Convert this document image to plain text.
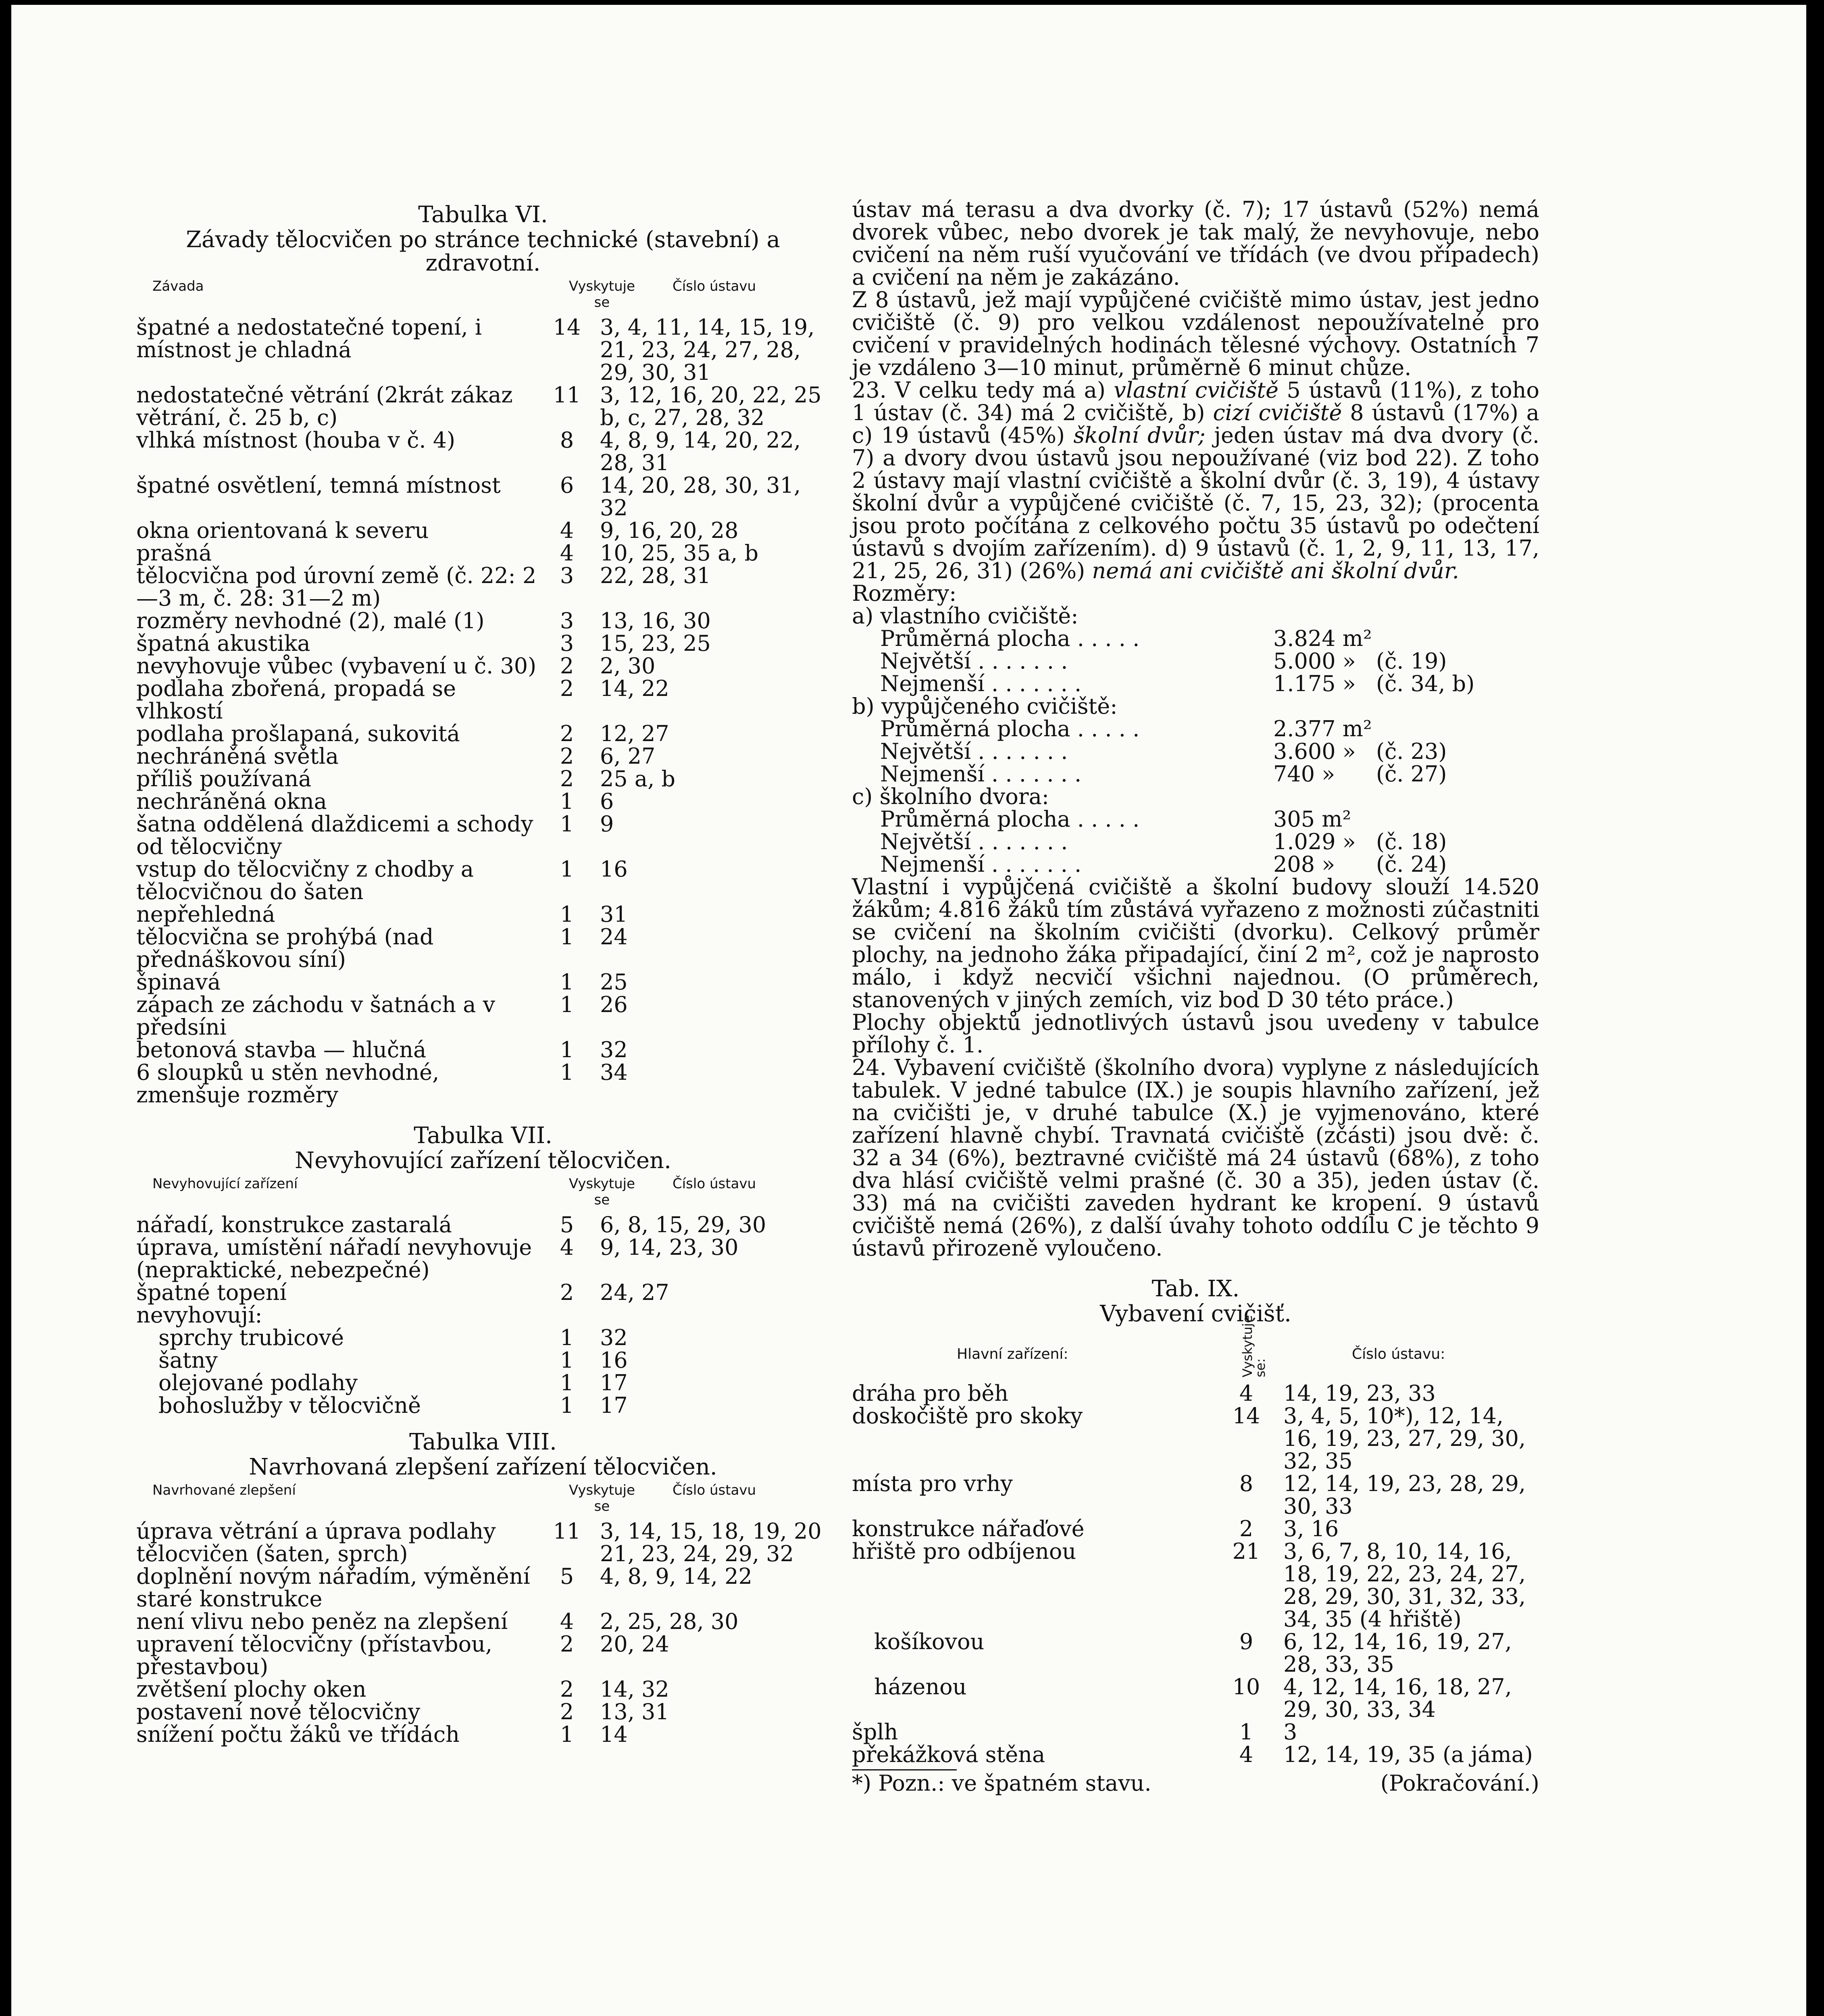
Tabulka VI.
Závady tělocvičen po stránce technické (stavební) a zdravotní.
Závada	Vyskytuje se
Číslo ústavu
špatné a nedostatečné topení, i místnost je chladná	14	3, 4, 11, 14, 15, 19, 21, 23, 24, 27, 28, 29, 30, 31
nedostatečné větrání (2krát zákaz větrání, č. 25 b, c)	11	3, 12, 16, 20, 22, 25 b, c, 27, 28, 32
vlhká místnost (houba v č. 4)	8	4, 8, 9, 14, 20, 22, 28, 31
špatné osvětlení, temná místnost	6	14, 20, 28, 30, 31, 32
okna orientovaná k severu	4	9, 16, 20, 28
prašná	4	10, 25, 35 a, b
tělocvična pod úrovní země (č. 22: 2—3 m, č. 28: 31—2 m)	3	22, 28, 31
rozměry nevhodné (2), malé (1)	3	13, 16, 30
špatná akustika	3	15, 23, 25
nevyhovuje vůbec (vybavení u č. 30)	2	2, 30
podlaha zbořená, propadá se vlhkostí	2	14, 22
podlaha prošlapaná, sukovitá	2	12, 27
nechráněná světla	2	6, 27
příliš používaná	2	25 a, b
nechráněná okna	1	6
šatna oddělená dlaždicemi a schody od tělocvičny	1	9
vstup do tělocvičny z chodby a tělocvičnou do šaten	1	16
nepřehledná	1	31
tělocvična se prohýbá (nad přednáškovou síní)	1	24
špinavá	1	25
zápach ze záchodu v šatnách a v předsíni	1	26
betonová stavba — hlučná	1	32
6 sloupků u stěn nevhodné, zmenšuje rozměry	1	34
Tabulka VII.
Nevyhovující zařízení tělocvičen.
Nevyhovující zařízení	Vyskytuje se
Číslo ústavu
nářadí, konstrukce zastaralá	5	6, 8, 15, 29, 30
úprava, umístění nářadí nevyhovuje (nepraktické, nebezpečné)	4	9, 14, 23, 30
špatné topení	2	24, 27
nevyhovují:		
sprchy trubicové	1	32
šatny	1	16
olejované podlahy	1	17
bohoslužby v tělocvičně	1	17
Tabulka VIII.
Navrhovaná zlepšení zařízení tělocvičen.
Navrhované zlepšení	Vyskytuje se
Číslo ústavu
úprava větrání a úprava podlahy tělocvičen (šaten, sprch)	11	3, 14, 15, 18, 19, 20 21, 23, 24, 29, 32
doplnění novým nářadím, výměnění staré konstrukce	5	4, 8, 9, 14, 22
není vlivu nebo peněz na zlepšení	4	2, 25, 28, 30
upravení tělocvičny (přístavbou, přestavbou)	2	20, 24
zvětšení plochy oken	2	14, 32
postavení nové tělocvičny	2	13, 31
snížení počtu žáků ve třídách	1	14

ústav má terasu a dva dvorky (č. 7); 17 ústavů (52%) nemá dvorek vůbec, nebo dvorek je tak malý, že nevyhovuje, nebo cvičení na něm ruší vyučování ve třídách (ve dvou případech) a cvičení na něm je zakázáno.

Z 8 ústavů, jež mají vypůjčené cvičiště mimo ústav, jest jedno cvičiště (č. 9) pro velkou vzdálenost nepoužívatelné pro cvičení v pravidelných hodinách tělesné výchovy. Ostatních 7 je vzdáleno 3—10 minut, průměrně 6 minut chůze.

23. V celku tedy má a) vlastní cvičiště 5 ústavů (11%), z toho 1 ústav (č. 34) má 2 cvičiště, b) cizí cvičiště 8 ústavů (17%) a c) 19 ústavů (45%) školní dvůr; jeden ústav má dva dvory (č. 7) a dvory dvou ústavů jsou nepoužívané (viz bod 22). Z toho 2 ústavy mají vlastní cvičiště a školní dvůr (č. 3, 19), 4 ústavy školní dvůr a vypůjčené cvičiště (č. 7, 15, 23, 32); (procenta jsou proto počítána z celkového počtu 35 ústavů po odečtení ústavů s dvojím zařízením). d) 9 ústavů (č. 1, 2, 9, 11, 13, 17, 21, 25, 26, 31) (26%) nemá ani cvičiště ani školní dvůr.

Rozměry:
a) vlastního cvičiště:
Průměrná plocha . . . . .	3.824 m²
Největší . . . . . . .	5.000 » (č. 19)
Nejmenší . . . . . . .	1.175 » (č. 34, b)
b) vypůjčeného cvičiště:
Průměrná plocha . . . . .	2.377 m²
Největší . . . . . . .	3.600 » (č. 23)
Nejmenší . . . . . . .	740 » (č. 27)
c) školního dvora:
Průměrná plocha . . . . .	305 m²
Největší . . . . . . .	1.029 » (č. 18)
Nejmenší . . . . . . .	208 » (č. 24)

Vlastní i vypůjčená cvičiště a školní budovy slouží 14.520 žákům; 4.816 žáků tím zůstává vyřazeno z možnosti zúčastniti se cvičení na školním cvičišti (dvorku). Celkový průměr plochy, na jednoho žáka připadající, činí 2 m², což je naprosto málo, i když necvičí všichni najednou. (O průměrech, stanovených v jiných zemích, viz bod D 30 této práce.)

Plochy objektů jednotlivých ústavů jsou uvedeny v tabulce přílohy č. 1.

24. Vybavení cvičiště (školního dvora) vyplyne z následujících tabulek. V jedné tabulce (IX.) je soupis hlavního zařízení, jež na cvičišti je, v druhé tabulce (X.) je vyjmenováno, které zařízení hlavně chybí. Travnatá cvičiště (zčásti) jsou dvě: č. 32 a 34 (6%), beztravné cvičiště má 24 ústavů (68%), z toho dva hlásí cvičiště velmi prašné (č. 30 a 35), jeden ústav (č. 33) má na cvičišti zaveden hydrant ke kropení. 9 ústavů cvičiště nemá (26%), z další úvahy tohoto oddílu C je těchto 9 ústavů přirozeně vyloučeno.

Tab. IX.
Vybavení cvičišť.
Hlavní zařízení:	Vyskytuje se:
Číslo ústavu:
dráha pro běh	4	14, 19, 23, 33
doskočiště pro skoky	14	3, 4, 5, 10*), 12, 14, 16, 19, 23, 27, 29, 30, 32, 35
místa pro vrhy	8	12, 14, 19, 23, 28, 29, 30, 33
konstrukce nářaďové	2	3, 16
hřiště pro odbíjenou	21	3, 6, 7, 8, 10, 14, 16, 18, 19, 22, 23, 24, 27, 28, 29, 30, 31, 32, 33, 34, 35 (4 hřiště)
košíkovou	9	6, 12, 14, 16, 19, 27, 28, 33, 35
házenou	10	4, 12, 14, 16, 18, 27, 29, 30, 33, 34
šplh	1	3
překážková stěna	4	12, 14, 19, 35 (a jáma)
*) Pozn.: ve špatném stavu.	(Pokračování.)
